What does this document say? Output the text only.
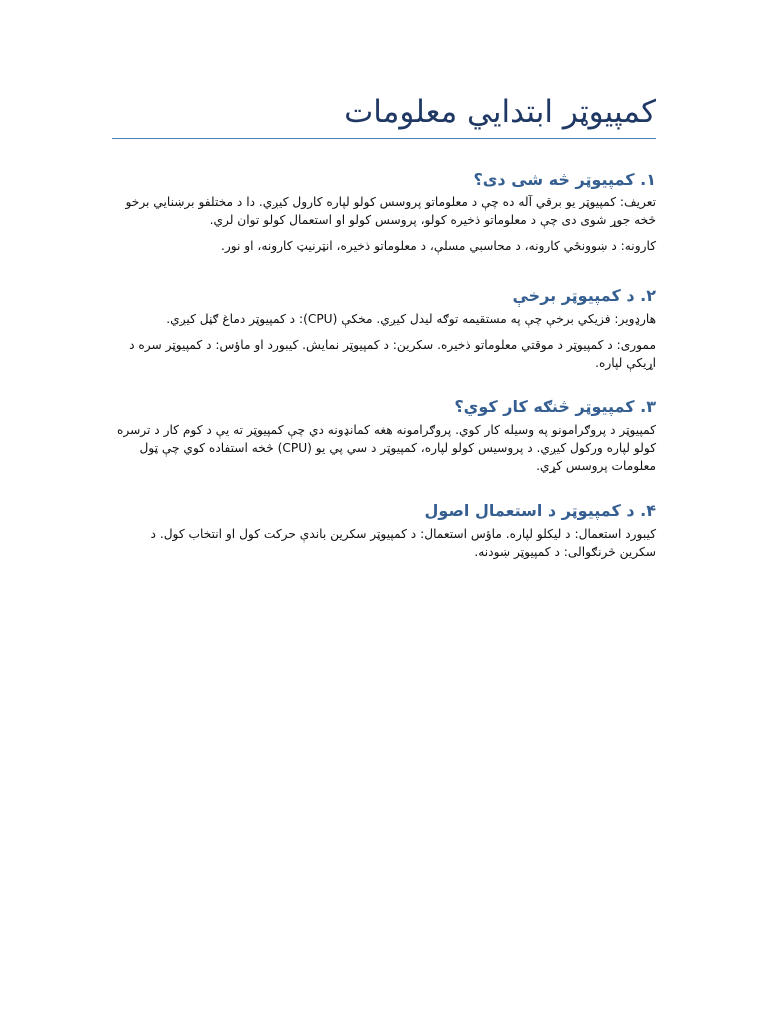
کمپیوټر ابتدايي معلومات
۱. کمپیوټر څه شی دی؟

تعریف: کمپیوټر یو برقي آله ده چې د معلوماتو پروسس کولو لپاره کارول کیږي. دا د مختلفو برښنايي برخو څخه جوړ شوی دی چې د معلوماتو ذخیره کولو، پروسس کولو او استعمال کولو توان لري.

کارونه: د ښوونځي کارونه، د محاسبي مسلې، د معلوماتو ذخیره، انټرنیټ کارونه، او نور.

۲. د کمپیوټر برخې

هارډویر: فزیکي برخې چې په مستقیمه توګه لیدل کیږي. مخکې (CPU): د کمپیوټر دماغ ګڼل کیږي.

مموری: د کمپیوټر د موقتي معلوماتو ذخیره. سکرین: د کمپیوټر نمایش. کیبورد او ماؤس: د کمپیوټر سره د اړیکې لپاره.

۳. کمپیوټر څنګه کار کوي؟

کمپیوټر د پروګرامونو په وسیله کار کوي. پروګرامونه هغه کمانډونه دي چې کمپیوټر ته یې د کوم کار د ترسره کولو لپاره ورکول کیږي. د پروسیس کولو لپاره، کمپیوټر د سي پي یو (CPU) څخه استفاده کوي چې ټول معلومات پروسس کړي.

۴. د کمپیوټر د استعمال اصول

کیبورد استعمال: د لیکلو لپاره. ماؤس استعمال: د کمپیوټر سکرین باندې حرکت کول او انتخاب کول. د سکرین څرنګوالی: د کمپیوټر ښودنه.
